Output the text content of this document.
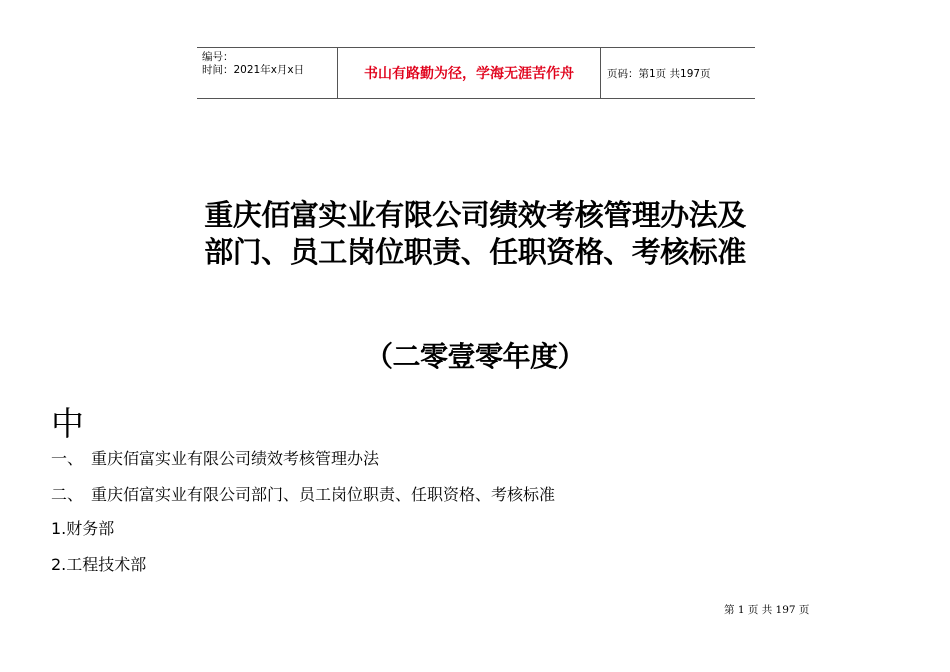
编号：
时间：2021年x月x日	书山有路勤为径，学海无涯苦作舟	页码：第1页 共197页
重庆佰富实业有限公司绩效考核管理办法及
部门、员工岗位职责、任职资格、考核标准
（二零壹零年度）
中
一、 重庆佰富实业有限公司绩效考核管理办法
二、 重庆佰富实业有限公司部门、员工岗位职责、任职资格、考核标准
1.财务部
2.工程技术部
第 1 页 共 197 页
